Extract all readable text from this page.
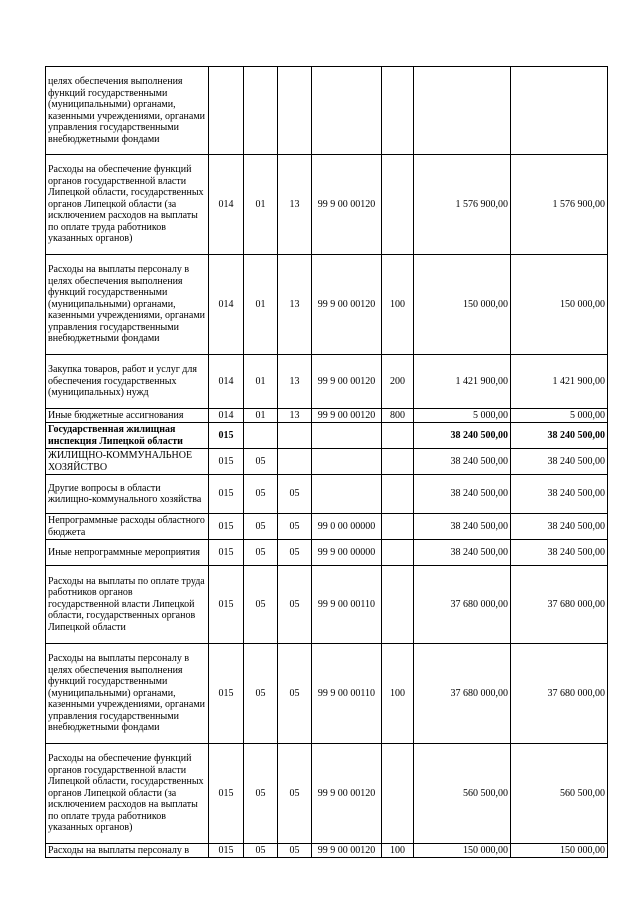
целях обеспечения выполнения функций государственными (муниципальными) органами, казенными учреждениями, органами управления государственными внебюджетными фондами							
Расходы на обеспечение функций органов государственной власти Липецкой области, государственных органов Липецкой области (за исключением расходов на выплаты по оплате труда работников указанных органов)	014	01	13	99 9 00 00120		1 576 900,00	1 576 900,00
Расходы на выплаты персоналу в целях обеспечения выполнения функций государственными (муниципальными) органами, казенными учреждениями, органами управления государственными внебюджетными фондами	014	01	13	99 9 00 00120	100	150 000,00	150 000,00
Закупка товаров, работ и услуг для обеспечения государственных (муниципальных) нужд	014	01	13	99 9 00 00120	200	1 421 900,00	1 421 900,00
Иные бюджетные ассигнования	014	01	13	99 9 00 00120	800	5 000,00	5 000,00
Государственная жилищная инспекция Липецкой области	015					38 240 500,00	38 240 500,00
ЖИЛИЩНО-КОММУНАЛЬНОЕ ХОЗЯЙСТВО	015	05				38 240 500,00	38 240 500,00
Другие вопросы в области жилищно-коммунального хозяйства	015	05	05			38 240 500,00	38 240 500,00
Непрограммные расходы областного бюджета	015	05	05	99 0 00 00000		38 240 500,00	38 240 500,00
Иные непрограммные мероприятия	015	05	05	99 9 00 00000		38 240 500,00	38 240 500,00
Расходы на выплаты по оплате труда работников органов государственной власти Липецкой области, государственных органов Липецкой области	015	05	05	99 9 00 00110		37 680 000,00	37 680 000,00
Расходы на выплаты персоналу в целях обеспечения выполнения функций государственными (муниципальными) органами, казенными учреждениями, органами управления государственными внебюджетными фондами	015	05	05	99 9 00 00110	100	37 680 000,00	37 680 000,00
Расходы на обеспечение функций органов государственной власти Липецкой области, государственных органов Липецкой области (за исключением расходов на выплаты по оплате труда работников указанных органов)	015	05	05	99 9 00 00120		560 500,00	560 500,00
Расходы на выплаты персоналу в	015	05	05	99 9 00 00120	100	150 000,00	150 000,00
